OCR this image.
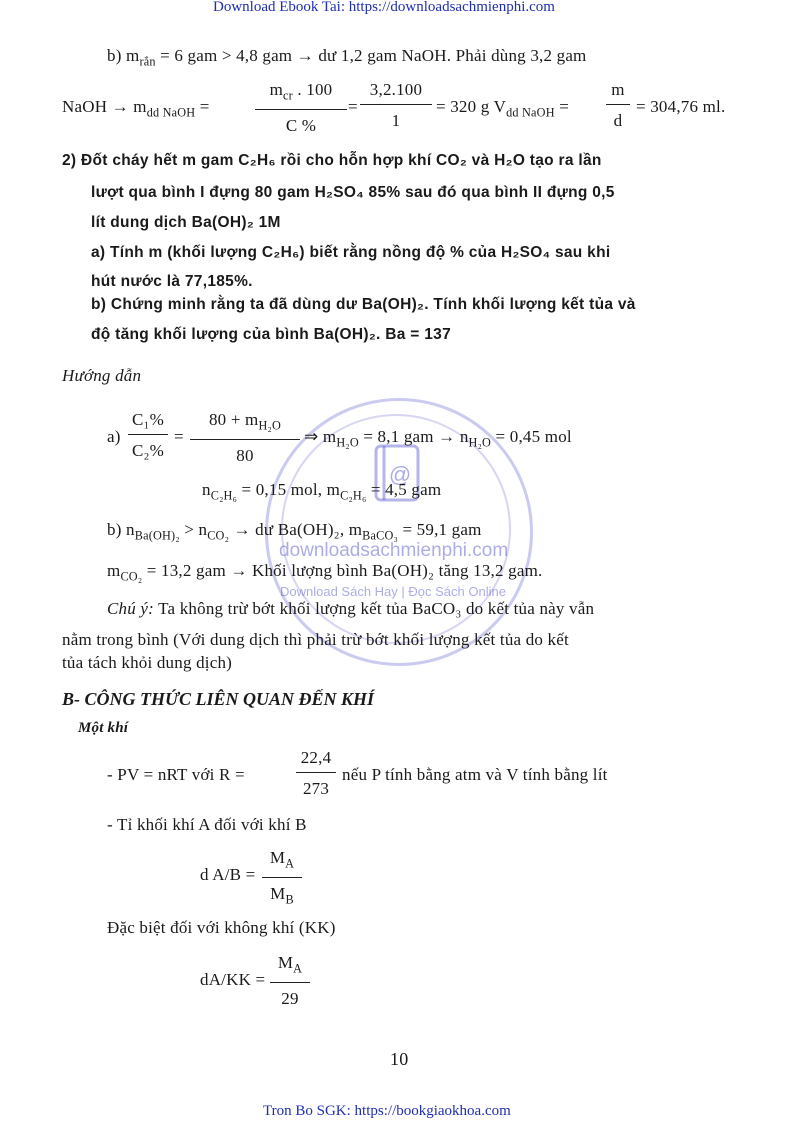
Download Ebook Tai: https://downloadsachmienphi.com
@
downloadsachmienphi.com
Download Sách Hay | Đọc Sách Online
b) $m_{rắn} = 6$ gam > 4,8 gam → dư 1,2 gam NaOH. Phải dùng 3,2 gam
NaOH → $m_{dd NaOH}$ =
$m_{cr}$ . 100
C %
=
3,2.100
1
= 320 g $V_{dd NaOH}$ =
m
d
= 304,76 ml.
2) Đốt cháy hết m gam C₂H₆ rồi cho hỗn hợp khí CO₂ và H₂O tạo ra lần
lượt qua bình I đựng 80 gam H₂SO₄ 85% sau đó qua bình II đựng 0,5
lít dung dịch Ba(OH)₂ 1M
a) Tính m (khối lượng C₂H₆) biết rằng nồng độ % của H₂SO₄ sau khi
hút nước là 77,185%.
b) Chứng minh rằng ta đã dùng dư Ba(OH)₂. Tính khối lượng kết tủa và
độ tăng khối lượng của bình Ba(OH)₂. Ba = 137
Hướng dẫn
a)
C₁%
C₂%
=
$80 + m_{H_2O}$
80
⇒ $m_{H_2O} = 8,1$ gam → $n_{H_2O} = 0,45$ mol
$n_{C_2H_6} = 0,15$ mol, $m_{C_2H_6} = 4,5$ gam
b) $n_{Ba(OH)_2} > n_{CO_2}$ → dư Ba(OH)₂, $m_{BaCO_3} = 59,1$ gam
$m_{CO_2} = 13,2$ gam → Khối lượng bình Ba(OH)₂ tăng 13,2 gam.
Chú ý: Ta không trừ bớt khối lượng kết tủa BaCO₃ do kết tủa này vẫn
nằm trong bình (Với dung dịch thì phải trừ bớt khối lượng kết tủa do kết
tủa tách khỏi dung dịch)
B- CÔNG THỨC LIÊN QUAN ĐẾN KHÍ
Một khí
- PV = nRT với R =
22,4
273
nếu P tính bằng atm và V tính bằng lít
- Tỉ khối khí A đối với khí B
d A/B =
$M_A$
$M_B$
Đặc biệt đối với không khí (KK)
dA/KK =
$M_A$
29
10
Tron Bo SGK: https://bookgiaokhoa.com
